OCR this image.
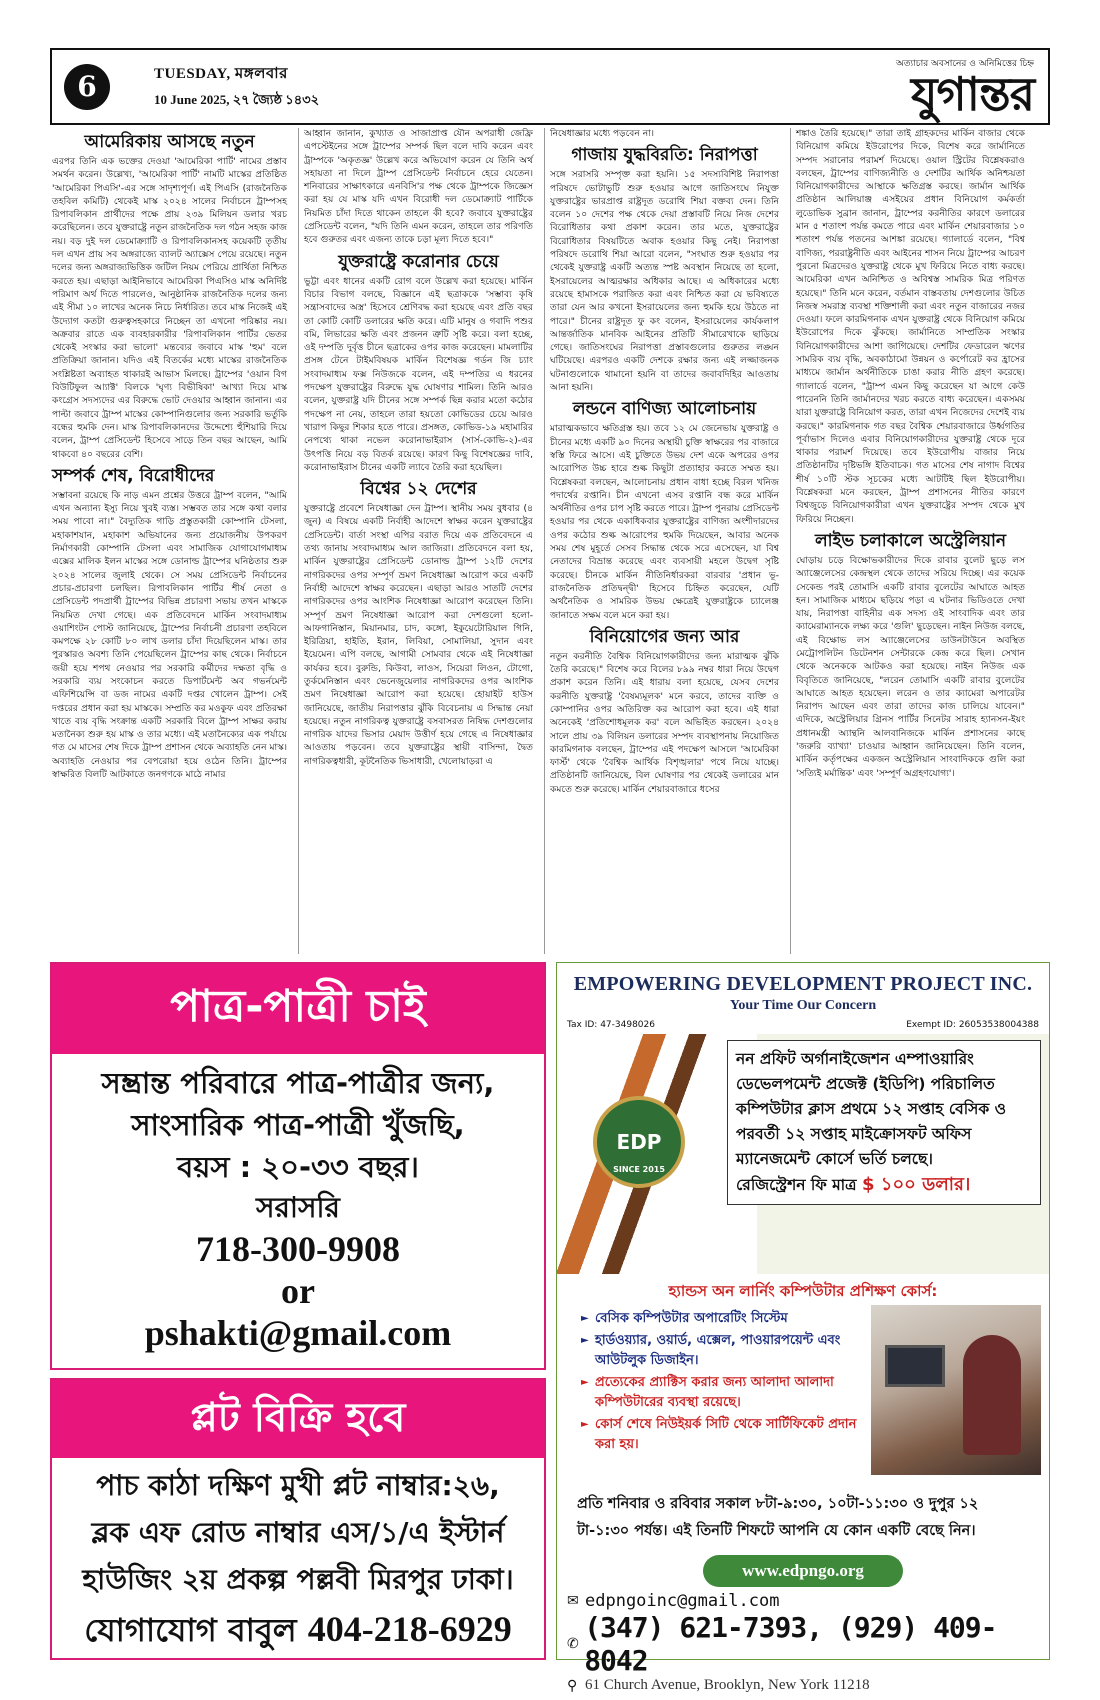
6	TUESDAY, মঙ্গলবার
10 June 2025, ২৭ জ্যৈষ্ঠ ১৪৩২
অত্যাচার অবসানের ও অনিমিত্তের চিহ্ন
যুগান্তর
আমেরিকায় আসছে নতুন

এরপর তিনি এক ভক্তের দেওয়া 'আমেরিকা পার্টি' নামের প্রস্তাব সমর্থন করেন। উল্লেখ্য, 'আমেরিকা পার্টি' নামটি মাস্কের প্রতিষ্ঠিত 'আমেরিকা পিএসি'-এর সঙ্গে সাদৃশ্যপূর্ণ। এই পিএসি (রাজনৈতিক তহবিল কমিটি) থেকেই মাস্ক ২০২৪ সালের নির্বাচনে ট্রাম্পসহ রিপাবলিকান প্রার্থীদের পক্ষে প্রায় ২৩৯ মিলিয়ন ডলার খরচ করেছিলেন। তবে যুক্তরাষ্ট্রে নতুন রাজনৈতিক দল গঠন সহজ কাজ নয়। বড় দুই দল ডেমোক্র্যাটি ও রিপাবলিকানসহ কয়েকটি তৃতীয় দল এখন প্রায় সব অঙ্গরাজ্যে ব্যালট অ্যাক্সেস পেয়ে রয়েছে। নতুন দলের জন্য অঙ্গরাজ্যভিত্তিক জটিল নিয়ম পেরিয়ে প্রার্থিতা নিশ্চিত করতে হয়। এছাড়া আইনিভাবে আমেরিকা পিএসিও মাস্ক অনির্দিষ্ট পরিমাণ অর্থ দিতে পারলেও, আনুষ্ঠানিক রাজনৈতিক দলের জন্য এই সীমা ১০ লাখের অনেক নিচে নির্ধারিত। তবে মাস্ক নিজেই এই উদ্যোগ কতটা গুরুত্বসহকারে নিচ্ছেন তা এখনো পরিষ্কার নয়। অক্রবার রাতে এক ব্যবহারকারীর 'রিপাবলিকান পার্টির ভেতর থেকেই সংস্কার করা ভালো' মন্তব্যের জবাবে মাস্ক 'হুম' বলে প্রতিক্রিয়া জানান। যদিও এই বিতর্কের মধ্যে মাস্কের রাজনৈতিক সংশ্লিষ্টতা অব্যাহত থাকারই আভাস মিলছে। ট্রাম্পের 'ওয়ান বিগ বিউটিফুল আ্যাক্ট' বিলকে 'ঘৃণ্য বিভীষিকা' আখ্যা দিয়ে মাস্ক কংগ্রেস সদস্যদের এর বিরুদ্ধে ভোট দেওয়ার আহ্বান জানান। এর পাল্টা জবাবে ট্রাম্প মাস্কের কোম্পানিগুলোর জন্য সরকারি ভর্তুকি বন্ধের হুমকি দেন। মাস্ক রিপাবলিকানদের উদ্দেশ্যে হুঁশিয়ারি দিয়ে বলেন, ট্রাম্প প্রেসিডেন্ট হিসেবে সাড়ে তিন বছর আছেন, আমি থাকবো ৪০ বছরের বেশি।

সম্পর্ক শেষ, বিরোধীদের

সম্ভাবনা রয়েছে কি নাড় এমন প্রশ্নের উত্তরে ট্রাম্প বলেন, "আমি এখন অন্যান্য ইস্যু নিয়ে খুবই ব্যস্ত। সম্ভবত তার সঙ্গে কথা বলার সময় পাবো না।" বৈদ্যুতিক গাড়ি প্রস্তুতকারী কোম্পানি টেসলা, মহাকাশযান, মহাকাশ অভিযানের জন্য প্রয়োজনীয় উপকরণ নির্মাণকারী কোম্পানি টেসলা এবং সামাজিক যোগাযোগমাধ্যম এক্সের মালিক ইলন মাস্কের সঙ্গে ডোনাল্ড ট্রাম্পের ঘনিষ্ঠতার শুরু ২০২৪ সালের জুলাই থেকে। সে সময় প্রেসিডেন্ট নির্বাচনের প্রচার-প্রচারণা চলছিল। রিপাবলিকান পার্টির শীর্ষ নেতা ও প্রেসিডেন্ট পদপ্রার্থী ট্রাম্পের বিভিন্ন প্রচারণা সভায় তখন মাস্ককে নিয়মিত দেখা গেছে। এক প্রতিবেদনে মার্কিন সংবাদমাধ্যম ওয়াশিংটন পোস্ট জানিয়েছে, ট্রাম্পের নির্বাচনী প্রচারণা তহবিলে কমপক্ষে ২৮ কোটি ৮০ লাখ ডলার চাঁদা দিয়েছিলেন মাস্ক। তার পুরস্কারও অবশ্য তিনি পেয়েছিলেন ট্রাম্পের কাছ থেকে। নির্বাচনে জয়ী হয়ে শপথ নেওয়ার পর সরকারি কর্মীদের দক্ষতা বৃদ্ধি ও সরকারি ব্যয় সংকোচন করতে ডিপার্টমেন্ট অব গভর্নমেন্ট এফিশিয়েন্সি বা ডজ নামের একটি দপ্তর খোলেন ট্রাম্প। সেই দপ্তরের প্রধান করা হয় মাস্ককে। সম্প্রতি কর মওকুফ এবং প্রতিরক্ষা খাতে ব্যয় বৃদ্ধি সংক্রান্ত একটি সরকারি বিলে ট্রাম্প সাক্ষর করায় মতানৈক্য শুরু হয় মাস্ক ও তার মধ্যে। এই মতানৈক্যের এক পর্যায়ে গত মে মাসের শেষ দিকে ট্রাম্প প্রশাসন থেকে অব্যাহতি নেন মাস্ক। অব্যাহতি নেওয়ার পর বেপরোয়া হয়ে ওঠেন তিনি। ট্রাম্পের স্বাক্ষরিত বিলটি আটকাতে জনগণকে মাঠে নামার

আহ্বান জানান, কুখ্যাত ও সাজাপ্রাপ্ত যৌন অপরাধী জেফ্রি এপস্টেইনের সঙ্গে ট্রাম্পের সম্পর্ক ছিল বলে দাবি করেন এবং ট্রাম্পকে 'অকৃতজ্ঞ' উল্লেখ করে অভিযোগ করেন যে তিনি অর্থ সহায়তা না দিলে ট্রাম্প প্রেসিডেন্ট নির্বাচনে হেরে যেতেন। শনিবারের সাক্ষাৎকারে এনবিসি'র পক্ষ থেকে ট্রাম্পকে জিজ্ঞেস করা হয় যে মাস্ক যদি এখন বিরোধী দল ডেমোক্র্যাট পার্টিকে নিয়মিত চাঁদা দিতে থাকেন তাহলে কী হবে? জবাবে যুক্তরাষ্ট্রের প্রেসিডেন্ট বলেন, "যদি তিনি এমন করেন, তাহলে তার পরিণতি হবে গুরুতর এবং এজন্য তাকে চড়া মূল্য দিতে হবে।"

যুক্তরাষ্ট্রে করোনার চেয়ে

ভুট্টা এবং ধানের একটি রোগ বলে উল্লেখ করা হয়েছে। মার্কিন বিচার বিভাগ বলছে, বিজ্ঞানে এই ছত্রাককে 'সম্ভাব্য কৃষি সন্ত্রাসবাদের অস্ত্র' হিসেবে শ্রেণিবদ্ধ করা হয়েছে এবং প্রতি বছর তা কোটি কোটি ডলারের ক্ষতি করে। এটি মানুষ ও গবাদি পশুর বমি, লিভারের ক্ষতি এবং প্রজনন ত্রুটি সৃষ্টি করে। বলা হচ্ছে, ওই দম্পতি দুর্বৃত্ত চীনে ছত্রাকের ওপর কাজ করেছেন। মামলাটির প্রসঙ্গ টেনে টাইমবিষয়ক মার্কিন বিশেষজ্ঞ গর্ডন জি চ্যাং সংবাদমাধ্যম ফক্স নিউজকে বলেন, এই দম্পতির এ ধরনের পদক্ষেপ যুক্তরাষ্ট্রের বিরুদ্ধে যুদ্ধ ঘোষণার শামিল। তিনি আরও বলেন, যুক্তরাষ্ট্র যদি চীনের সঙ্গে সম্পর্ক ছিন্ন করার মতো কঠোর পদক্ষেপ না নেয়, তাহলে তারা হয়তো কোভিডের চেয়ে আরও খারাপ কিছুর শিকার হতে পারে। প্রসঙ্গত, কোভিড-১৯ মহামারির নেপথ্যে থাকা নভেল করোনাভাইরাস (সার্স-কোভি-২)-এর উৎপত্তি নিয়ে বড় বিতর্ক রয়েছে। কারণ কিছু বিশেষজ্ঞের দাবি, করোনাভাইরাস চীনের একটি ল্যাবে তৈরি করা হয়েছিল।

বিশ্বের ১২ দেশের

যুক্তরাষ্ট্রে প্রবেশে নিষেধাজ্ঞা দেন ট্রাম্প। স্থানীয় সময় বুধবার (৪ জুন) এ বিষয়ে একটি নির্বাহী আদেশে স্বাক্ষর করেন যুক্তরাষ্ট্রের প্রেসিডেন্ট। বার্তা সংস্থা এপির বরাত দিয়ে এক প্রতিবেদনে এ তথ্য জানায় সংবাদমাধ্যম আল জাজিরা। প্রতিবেদনে বলা হয়, মার্কিন যুক্তরাষ্ট্রের প্রেসিডেন্ট ডোনাল্ড ট্রাম্প ১২টি দেশের নাগরিকদের ওপর সম্পূর্ণ ভ্রমণ নিষেধাজ্ঞা আরোপ করে একটি নির্বাহী আদেশে স্বাক্ষর করেছেন। এছাড়া আরও সাতটি দেশের নাগরিকদের ওপর আংশিক নিষেধাজ্ঞা আরোপ করেছেন তিনি। সম্পূর্ণ ভ্রমণ নিষেধাজ্ঞা আরোপ করা দেশগুলো হলো- আফগানিস্তান, মিয়ানমার, চাদ, কঙ্গো, ইকুয়েটোরিয়াল গিনি, ইরিত্রিয়া, হাইতি, ইরান, লিবিয়া, সোমালিয়া, সুদান এবং ইয়েমেন। এপি বলছে, আগামী সোমবার থেকে এই নিষেধাজ্ঞা কার্যকর হবে। বুরুন্ডি, কিউবা, লাওস, সিয়েরা লিওন, টোগো, তুর্কমেনিস্তান এবং ভেনেজুয়েলার নাগরিকদের ওপর আংশিক ভ্রমণ নিষেধাজ্ঞা আরোপ করা হয়েছে। হোয়াইট হাউস জানিয়েছে, জাতীয় নিরাপত্তার ঝুঁকি বিবেচনায় এ সিদ্ধান্ত নেয়া হয়েছে। নতুন নাগরিকত্ব যুক্তরাষ্ট্রে বসবাসরত নিষিদ্ধ দেশগুলোর নাগরিক যাদের ভিসার মেয়াদ উত্তীর্ণ হয়ে গেছে এ নিষেধাজ্ঞার আওতায় পড়বেন। তবে যুক্তরাষ্ট্রের স্থায়ী বাসিন্দা, দ্বৈত নাগরিকত্বধারী, কূটনৈতিক ভিসাধারী, খেলোয়াড়রা এ

নিষেধাজ্ঞার মধ্যে পড়বেন না।

গাজায় যুদ্ধবিরতি: নিরাপত্তা

সঙ্গে সরাসরি সম্পৃক্ত করা হয়নি। ১৫ সদস্যবিশিষ্ট নিরাপত্তা পরিষদে ভোটাভুটি শুরু হওয়ার আগে জাতিসংঘে নিযুক্ত যুক্তরাষ্ট্রের ভারপ্রাপ্ত রাষ্ট্রদূত ডরোথি শিয়া বক্তব্য দেন। তিনি বলেন ১০ দেশের পক্ষ থেকে দেয়া প্রস্তাবটি নিয়ে নিজ দেশের বিরোধিতার কথা প্রকাশ করেন। তার মতে, যুক্তরাষ্ট্রের বিরোধিতার বিষয়টিতে অবাক হওয়ার কিছু নেই। নিরাপত্তা পরিষদে ডরোথি শিয়া আরো বলেন, "সংঘাত শুরু হওয়ার পর থেকেই যুক্তরাষ্ট্র একটি অত্যন্ত স্পষ্ট অবস্থান নিয়েছে তা হলো, ইসরায়েলের আত্মরক্ষার অধিকার আছে। এ অধিকারের মধ্যে রয়েছে হামাসকে পরাজিত করা এবং নিশ্চিত করা যে ভবিষ্যতে তারা যেন আর কখনো ইসরায়েলের জন্য হুমকি হয়ে উঠতে না পারে।" চীনের রাষ্ট্রদূত ফু কং বলেন, ইসরায়েলের কার্যকলাপ আন্তর্জাতিক মানবিক আইনের প্রতিটি সীমারেখাকে ছাড়িয়ে গেছে। জাতিসংঘের নিরাপত্তা প্রস্তাবগুলোর গুরুতর লঙ্ঘন ঘটিয়েছে। এরপরও একটি দেশকে রক্ষার জন্য এই লজ্জাজনক ঘটনাগুলোকে থামানো হয়নি বা তাদের জবাবদিহির আওতায় আনা হয়নি।

লন্ডনে বাণিজ্য আলোচনায়

মারাত্মকভাবে ক্ষতিগ্রস্ত হয়। তবে ১২ মে জেনেভায় যুক্তরাষ্ট্র ও চীনের মধ্যে একটি ৯০ দিনের অস্থায়ী চুক্তি স্বাক্ষরের পর বাজারে স্বস্তি ফিরে আসে। এই চুক্তিতে উভয় দেশ একে অপরের ওপর আরোপিত উচ্চ হারে শুল্ক কিছুটা প্রত্যাহার করতে সম্মত হয়। বিশ্লেষকরা বলছেন, আলোচনায় প্রধান বাধা হচ্ছে বিরল খনিজ পদার্থের রপ্তানি। চীন এখনো এসব রপ্তানি বন্ধ করে মার্কিন অর্থনীতির ওপর চাপ সৃষ্টি করতে পারে। ট্রাম্প পুনরায় প্রেসিডেন্ট হওয়ার পর থেকে একাধিকবার যুক্তরাষ্ট্রের বাণিজ্য অংশীদারদের ওপর কঠোর শুল্ক আরোপের হুমকি দিয়েছেন, আবার অনেক সময় শেষ মুহূর্তে সেসব সিদ্ধান্ত থেকে সরে এসেছেন, যা বিশ্ব নেতাদের বিভ্রান্ত করেছে এবং ব্যবসায়ী মহলে উদ্বেগ সৃষ্টি করেছে। চীনকে মার্কিন নীতিনির্ধারকরা বারবার 'প্রধান ভূ-রাজনৈতিক প্রতিদ্বন্দ্বী' হিসেবে চিহ্নিত করেছেন, যেটি অর্থনৈতিক ও সামরিক উভয় ক্ষেত্রেই যুক্তরাষ্ট্রকে চ্যালেঞ্জ জানাতে সক্ষম বলে মনে করা হয়।

বিনিয়োগের জন্য আর

নতুন করনীতি বৈশ্বিক বিনিয়োগকারীদের জন্য মারাত্মক ঝুঁকি তৈরি করেছে।" বিশেষ করে বিলের ৮৯৯ নম্বর ধারা নিয়ে উদ্বেগ প্রকাশ করেন তিনি। এই ধারায় বলা হয়েছে, যেসব দেশের করনীতি যুক্তরাষ্ট্র 'বৈষম্যমূলক' মনে করবে, তাদের ব্যক্তি ও কোম্পানির ওপর অতিরিক্ত কর আরোপ করা হবে। এই ধারা অনেকেই 'প্রতিশোধমূলক কর' বলে অভিহিত করছেন। ২০২৪ সালে প্রায় ৩৯ বিলিয়ন ডলারের সম্পদ ব্যবস্থাপনায় নিয়োজিত কারমিগনাক বলছেন, ট্রাম্পের এই পদক্ষেপ আসলে 'আমেরিকা ফার্স্ট' থেকে 'বৈশ্বিক আর্থিক বিশৃঙ্খলার' পথে নিয়ে যাচ্ছে। প্রতিষ্ঠানটি জানিয়েছে, বিল ঘোষণার পর থেকেই ডলারের মান কমতে শুরু করেছে। মার্কিন শেয়ারবাজারে ধসের

শঙ্কাও তৈরি হয়েছে।" তারা তাই গ্রাহকদের মার্কিন বাজার থেকে বিনিয়োগ কমিয়ে ইউরোপের দিকে, বিশেষ করে জার্মানিতে সম্পদ সরানোর পরামর্শ দিয়েছে। ওয়াল স্ট্রিটের বিশ্লেষকরাও বলছেন, ট্রাম্পের বাণিজ্যনীতি ও দেশটির আর্থিক অনিশ্চয়তা বিনিয়োগকারীদের আস্থাকে ক্ষতিগ্রস্ত করছে। জার্মান আর্থিক প্রতিষ্ঠান আলিয়াঞ্জ এসইয়ের প্রধান বিনিয়োগ কর্মকর্তা লুডোভিক সুব্রান জানান, ট্রাম্পের করনীতির কারণে ডলারের মান ৫ শতাংশ পর্যন্ত কমতে পারে এবং মার্কিন শেয়ারবাজার ১০ শতাংশ পর্যন্ত পতনের আশঙ্কা রয়েছে। গ্যালার্ডে বলেন, "বিশ্ব বাণিজ্য, পররাষ্ট্রনীতি এবং আইনের শাসন নিয়ে ট্রাম্পের আচরণ পুরনো মিত্রদেরও যুক্তরাষ্ট্র থেকে মুখ ফিরিয়ে নিতে বাধ্য করছে। আমেরিকা এখন অনিশ্চিত ও অবিশ্বস্ত সামরিক মিত্র পরিণত হয়েছে।" তিনি মনে করেন, বর্তমান বাস্তবতায় দেশগুলোর উচিত নিজস্ব সমরাস্ত্র ব্যবস্থা শক্তিশালী করা এবং নতুন বাজারের নজর দেওয়া। ফলে কারমিগনাক এখন যুক্তরাষ্ট্র থেকে বিনিয়োগ কমিয়ে ইউরোপের দিকে ঝুঁকছে। জার্মানিতে সাম্প্রতিক সংস্কার বিনিয়োগকারীদের আশা জাগিয়েছে। দেশটির ফেডারেল ঋণের সামরিক ব্যয় বৃদ্ধি, অবকাঠামো উন্নয়ন ও কর্পোরেট কর হ্রাসের মাধ্যমে জার্মান অর্থনীতিকে চাঙা করার নীতি গ্রহণ করেছে। গ্যালার্ডে বলেন, "ট্রাম্প এমন কিছু করেছেন যা আগে কেউ পারেননি তিনি জার্মানদের খরচ করতে বাধ্য করেছেন। একসময় যারা যুক্তরাষ্ট্রে বিনিয়োগ করত, তারা এখন নিজেদের দেশেই ব্যয় করছে।" কারমিগনাক গত বছর বৈশ্বিক শেয়ারবাজারে উর্ধ্বগতির পূর্বাভাস দিলেও এবার বিনিয়োগকারীদের যুক্তরাষ্ট্র থেকে দূরে থাকার পরামর্শ দিয়েছে। তবে ইউরোপীয় বাজার নিয়ে প্রতিষ্ঠানটির দৃষ্টিভঙ্গি ইতিবাচক। গত মাসের শেষ নাগাদ বিশ্বের শীর্ষ ১০টি স্টক সূচকের মধ্যে আটটিই ছিল ইউরোপীয়। বিশ্লেষকরা মনে করছেন, ট্রাম্প প্রশাসনের নীতির কারণে বিশ্বজুড়ে বিনিয়োগকারীরা এখন যুক্তরাষ্ট্রের সম্পদ থেকে মুখ ফিরিয়ে নিচ্ছেন।

লাইভ চলাকালে অস্ট্রেলিয়ান

ঘোড়ায় চড়ে বিক্ষোভকারীদের দিকে রাবার বুলেট ছুড়ে লস অ্যাঞ্জেলেসের কেন্দ্রস্থল থেকে তাদের সরিয়ে দিচ্ছে। এর কয়েক সেকেন্ড পরই তোমাসি একটি রাবার বুলেটের আঘাতে আহত হন। সামাজিক মাধ্যমে ছড়িয়ে পড়া এ ঘটনার ভিডিওতে দেখা যায়, নিরাপত্তা বাহিনীর এক সদস্য ওই সাংবাদিক এবং তার ক্যামেরাম্যানকে লক্ষ্য করে 'গুলি' ছুড়েছেন। নাইন নিউজ বলছে, এই বিক্ষোভ লস অ্যাঞ্জেলেসের ডাউনটাউনে অবস্থিত মেট্রোপলিটন ডিটেনশন সেন্টারকে কেন্দ্র করে ছিল। সেখান থেকে অনেককে আটকও করা হয়েছে। নাইন নিউজ এক বিবৃতিতে জানিয়েছে, "লরেন তোমাসি একটি রাবার বুলেটের আঘাতে আহত হয়েছেন। লরেন ও তার ক্যামেরা অপারেটর নিরাপদ আছেন এবং তারা তাদের কাজ চালিয়ে যাবেন।" এদিকে, অস্ট্রেলিয়ার গ্রিনস পার্টির সিনেটর সারাহ হ্যানসন-ইয়ং প্রধানমন্ত্রী অ্যান্থনি আলবানিজকে মার্কিন প্রশাসনের কাছে 'জরুরি ব্যাখ্যা' চাওয়ার আহ্বান জানিয়েছেন। তিনি বলেন, মার্কিন কর্তৃপক্ষের একজন অস্ট্রেলিয়ান সাংবাদিককে গুলি করা 'সত্যিই মর্মান্তিক' এবং 'সম্পূর্ণ অগ্রহণযোগ্য'।

পাত্র-পাত্রী চাই
সম্ভ্রান্ত পরিবারে পাত্র-পাত্রীর জন্য,
সাংসারিক পাত্র-পাত্রী খুঁজছি,
বয়স : ২০-৩৩ বছর।
সরাসরি
718-300-9908
or
pshakti@gmail.com
প্লট বিক্রি হবে
পাচ কাঠা দক্ষিণ মুখী প্লট নাম্বার:২৬,
ব্লক এফ রোড নাম্বার এস/১/এ ইস্টার্ন
হাউজিং ২য় প্রকল্প পল্লবী মিরপুর ঢাকা।
যোগাযোগ বাবুল 404-218-6929
EMPOWERING DEVELOPMENT PROJECT INC.
Your Time Our Concern
Tax ID: 47-3498026	Exempt ID: 26053538004388
EDP
SINCE 2015
নন প্রফিট অর্গানাইজেশন এম্পাওয়ারিং ডেভেলপমেন্ট প্রজেক্ট (ইডিপি) পরিচালিত কম্পিউটার ক্লাস প্রথমে ১২ সপ্তাহ বেসিক ও পরবর্তী ১২ সপ্তাহ মাইক্রোসফট অফিস ম্যানেজমেন্ট কোর্সে ভর্তি চলছে।
রেজিস্ট্রেশন ফি মাত্র $ ১০০ ডলার।
হ্যান্ডস অন লার্নিং কম্পিউটার প্রশিক্ষণ কোর্স:
► বেসিক কম্পিউটার অপারেটিং সিস্টেম
► হার্ডওয়্যার, ওয়ার্ড, এক্সেল, পাওয়ারপয়েন্ট এবং আউটলুক ডিজাইন।
► প্রত্যেকের প্র্যাক্টিস করার জন্য আলাদা আলাদা কম্পিউটারের ব্যবস্থা রয়েছে।
► কোর্স শেষে নিউইয়র্ক সিটি থেকে সার্টিফিকেট প্রদান করা হয়।
প্রতি শনিবার ও রবিবার সকাল ৮টা-৯:৩০, ১০টা-১১:৩০ ও দুপুর ১২ টা-১:৩০ পর্যন্ত। এই তিনটি শিফটে আপনি যে কোন একটি বেছে নিন।
www.edpngo.org
✉ edpngoinc@gmail.com
✆ (347) 621-7393, (929) 409-8042
⚲ 61 Church Avenue, Brooklyn, New York 11218
